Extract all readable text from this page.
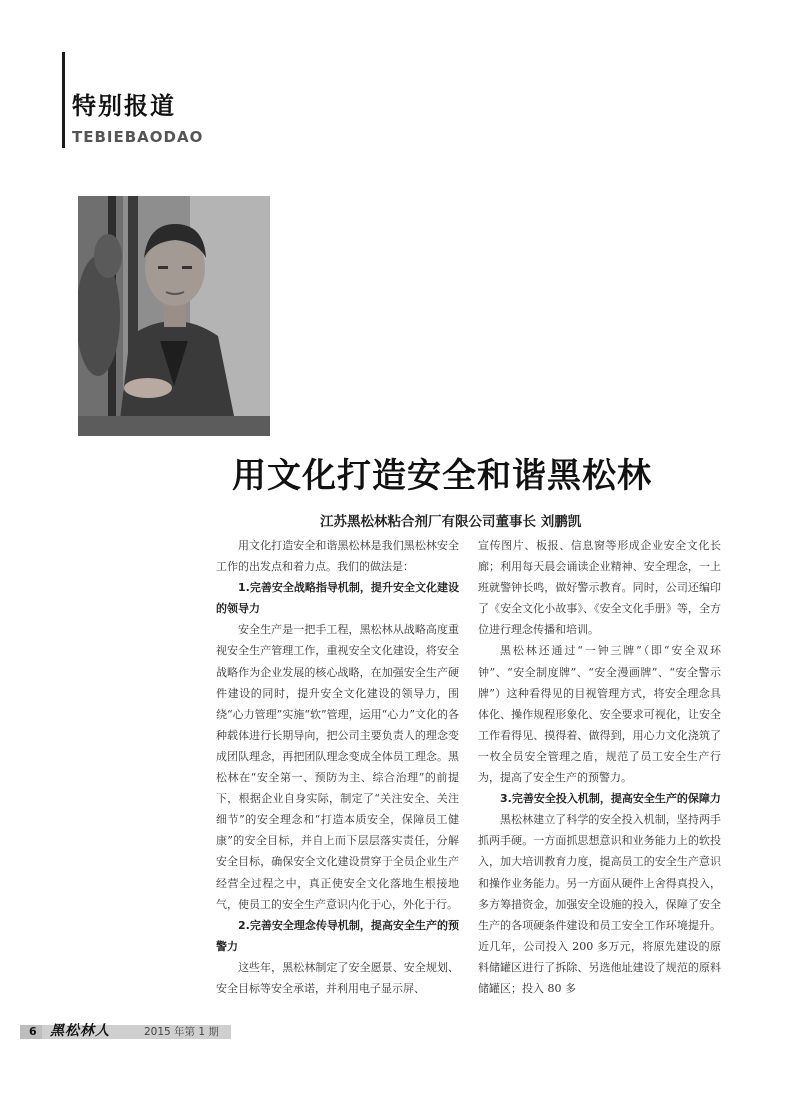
特别报道
TEBIEBAODAO
用文化打造安全和谐黑松林
江苏黑松林粘合剂厂有限公司董事长 刘鹏凯

用文化打造安全和谐黑松林是我们黑松林安全工作的出发点和着力点。我们的做法是：

1.完善安全战略指导机制，提升安全文化建设的领导力

安全生产是一把手工程，黑松林从战略高度重视安全生产管理工作，重视安全文化建设，将安全战略作为企业发展的核心战略，在加强安全生产硬件建设的同时，提升安全文化建设的领导力，围绕“心力管理”实施“软”管理，运用“心力”文化的各种载体进行长期导向，把公司主要负责人的理念变成团队理念，再把团队理念变成全体员工理念。黑松林在“安全第一、预防为主、综合治理”的前提下，根据企业自身实际，制定了“关注安全、关注细节”的安全理念和“打造本质安全，保障员工健康”的安全目标，并自上而下层层落实责任，分解安全目标，确保安全文化建设贯穿于全员企业生产经营全过程之中，真正使安全文化落地生根接地气，使员工的安全生产意识内化于心，外化于行。

2.完善安全理念传导机制，提高安全生产的预警力

这些年，黑松林制定了安全愿景、安全规划、安全目标等安全承诺，并利用电子显示屏、

宣传图片、板报、信息窗等形成企业安全文化长廊；利用每天晨会诵读企业精神、安全理念，一上班就警钟长鸣，做好警示教育。同时，公司还编印了《安全文化小故事》、《安全文化手册》等，全方位进行理念传播和培训。

黑松林还通过“一钟三牌”（即“安全双环钟”、“安全制度牌”、“安全漫画牌”、“安全警示牌”）这种看得见的目视管理方式，将安全理念具体化、操作规程形象化、安全要求可视化，让安全工作看得见、摸得着、做得到，用心力文化浇筑了一枚全员安全管理之盾，规范了员工安全生产行为，提高了安全生产的预警力。

3.完善安全投入机制，提高安全生产的保障力

黑松林建立了科学的安全投入机制，坚持两手抓两手硬。一方面抓思想意识和业务能力上的软投入，加大培训教育力度，提高员工的安全生产意识和操作业务能力。另一方面从硬件上舍得真投入，多方筹措资金，加强安全设施的投入，保障了安全生产的各项硬条件建设和员工安全工作环境提升。近几年，公司投入 200 多万元，将原先建设的原料储罐区进行了拆除、另选他址建设了规范的原料储罐区；投入 80 多

6 黑松林人	2015 年第 1 期
